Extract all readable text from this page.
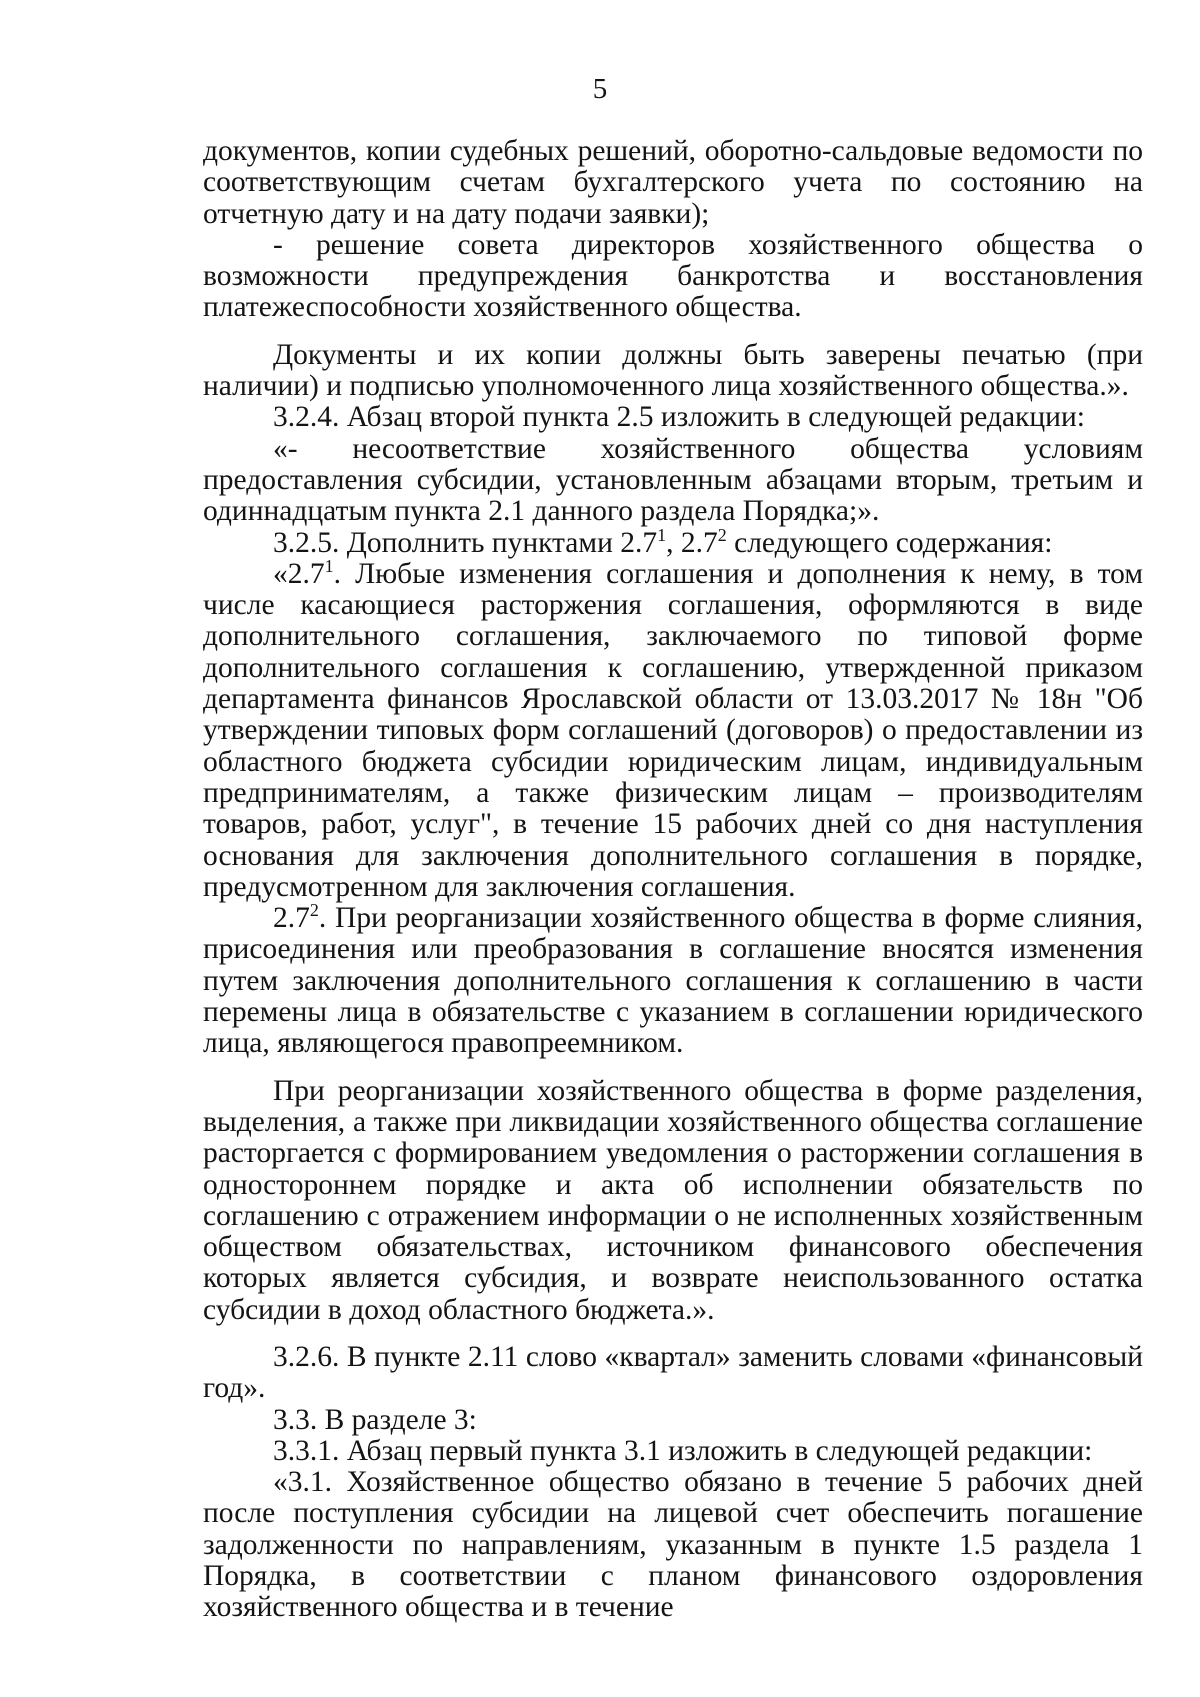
5

документов, копии судебных решений, оборотно-сальдовые ведомости по соответствующим счетам бухгалтерского учета по состоянию на отчетную дату и на дату подачи заявки);

- решение совета директоров хозяйственного общества о возможности предупреждения банкротства и восстановления платежеспособности хозяйственного общества.

Документы и их копии должны быть заверены печатью (при наличии) и подписью уполномоченного лица хозяйственного общества.».

3.2.4. Абзац второй пункта 2.5 изложить в следующей редакции:

«- несоответствие хозяйственного общества условиям предоставления субсидии, установленным абзацами вторым, третьим и одиннадцатым пункта 2.1 данного раздела Порядка;».

3.2.5. Дополнить пунктами $2.7^1$, $2.7^2$ следующего содержания:

«$2.7^1$. Любые изменения соглашения и дополнения к нему, в том числе касающиеся расторжения соглашения, оформляются в виде дополнительного соглашения, заключаемого по типовой форме дополнительного соглашения к соглашению, утвержденной приказом департамента финансов Ярославской области от 13.03.2017 № 18н "Об утверждении типовых форм соглашений (договоров) о предоставлении из областного бюджета субсидии юридическим лицам, индивидуальным предпринимателям, а также физическим лицам – производителям товаров, работ, услуг", в течение 15 рабочих дней со дня наступления основания для заключения дополнительного соглашения в порядке, предусмотренном для заключения соглашения.

$2.7^2$. При реорганизации хозяйственного общества в форме слияния, присоединения или преобразования в соглашение вносятся изменения путем заключения дополнительного соглашения к соглашению в части перемены лица в обязательстве с указанием в соглашении юридического лица, являющегося правопреемником.

При реорганизации хозяйственного общества в форме разделения, выделения, а также при ликвидации хозяйственного общества соглашение расторгается с формированием уведомления о расторжении соглашения в одностороннем порядке и акта об исполнении обязательств по соглашению с отражением информации о не исполненных хозяйственным обществом обязательствах, источником финансового обеспечения которых является субсидия, и возврате неиспользованного остатка субсидии в доход областного бюджета.».

3.2.6. В пункте 2.11 слово «квартал» заменить словами «финансовый год».

3.3. В разделе 3:

3.3.1. Абзац первый пункта 3.1 изложить в следующей редакции:

«3.1. Хозяйственное общество обязано в течение 5 рабочих дней после поступления субсидии на лицевой счет обеспечить погашение задолженности по направлениям, указанным в пункте 1.5 раздела 1 Порядка, в соответствии с планом финансового оздоровления хозяйственного общества и в течение
